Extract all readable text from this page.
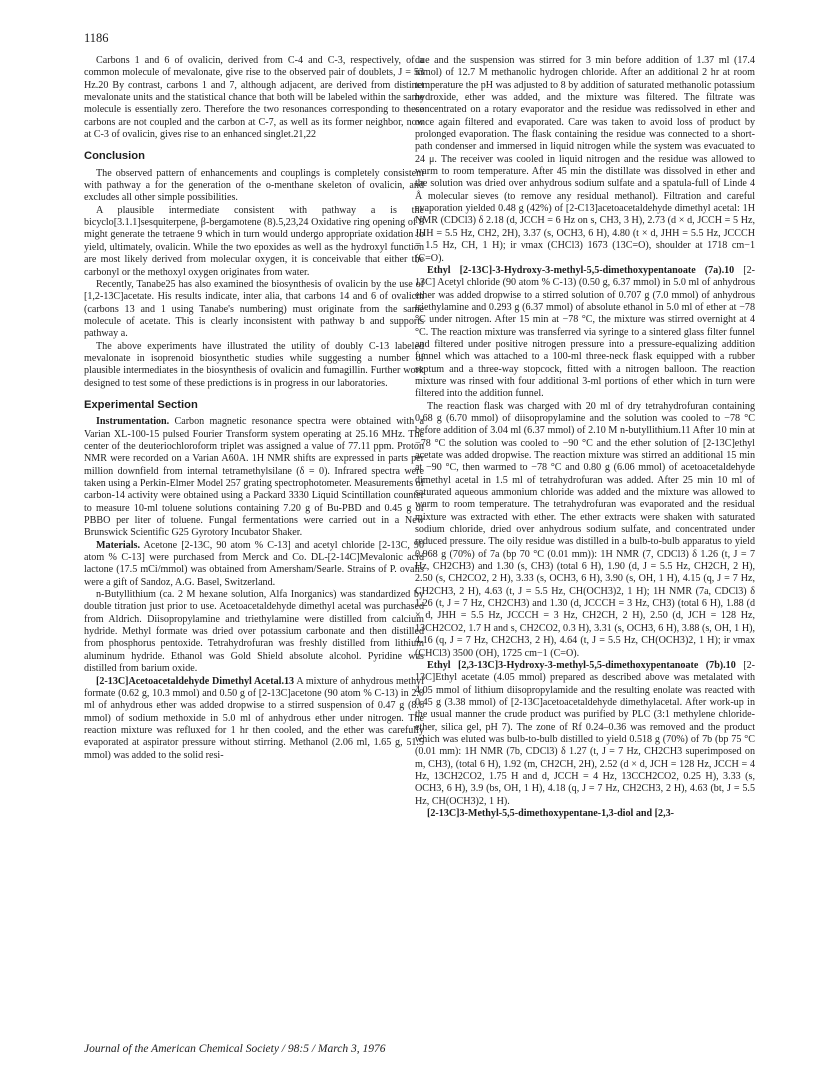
1186

Carbons 1 and 6 of ovalicin, derived from C-4 and C-3, respectively, of a common molecule of mevalonate, give rise to the observed pair of doublets, J = 53 Hz.20 By contrast, carbons 1 and 7, although adjacent, are derived from distinct mevalonate units and the statistical chance that both will be labeled within the same molecule is essentially zero. Therefore the two resonances corresponding to these carbons are not coupled and the carbon at C-7, as well as its former neighbor, now at C-3 of ovalicin, gives rise to an enhanced singlet.21,22

Conclusion

The observed pattern of enhancements and couplings is completely consistent with pathway a for the generation of the o-menthane skeleton of ovalicin, and excludes all other simple possibilities.

A plausible intermediate consistent with pathway a is the bicyclo[3.1.1]sesquiterpene, β-bergamotene (8).5,23,24 Oxidative ring opening of 8 might generate the tetraene 9 which in turn would undergo appropriate oxidation to yield, ultimately, ovalicin. While the two epoxides as well as the hydroxyl function are most likely derived from molecular oxygen, it is conceivable that either the carbonyl or the methoxyl oxygen originates from water.

Recently, Tanabe25 has also examined the biosynthesis of ovalicin by the use of [1,2-13C]acetate. His results indicate, inter alia, that carbons 14 and 6 of ovalicin (carbons 13 and 1 using Tanabe's numbering) must originate from the same molecule of acetate. This is clearly inconsistent with pathway b and supports pathway a.

The above experiments have illustrated the utility of doubly C-13 labeled mevalonate in isoprenoid biosynthetic studies while suggesting a number of plausible intermediates in the biosynthesis of ovalicin and fumagillin. Further work designed to test some of these predictions is in progress in our laboratories.

Experimental Section

Instrumentation. Carbon magnetic resonance spectra were obtained with a Varian XL-100-15 pulsed Fourier Transform system operating at 25.16 MHz. The center of the deuteriochloroform triplet was assigned a value of 77.11 ppm. Proton NMR were recorded on a Varian A60A. 1H NMR shifts are expressed in parts per million downfield from internal tetramethylsilane (δ = 0). Infrared spectra were taken using a Perkin-Elmer Model 257 grating spectrophotometer. Measurements of carbon-14 activity were obtained using a Packard 3330 Liquid Scintillation counter to measure 10-ml toluene solutions containing 7.20 g of Bu-PBD and 0.45 g of PBBO per liter of toluene. Fungal fermentations were carried out in a New Brunswick Scientific G25 Gyrotory Incubator Shaker.

Materials. Acetone [2-13C, 90 atom % C-13] and acetyl chloride [2-13C, 90 atom % C-13] were purchased from Merck and Co. DL-[2-14C]Mevalonic acid lactone (17.5 mCi/mmol) was obtained from Amersham/Searle. Strains of P. ovalis were a gift of Sandoz, A.G. Basel, Switzerland.

n-Butyllithium (ca. 2 M hexane solution, Alfa Inorganics) was standardized by double titration just prior to use. Acetoacetaldehyde dimethyl acetal was purchased from Aldrich. Diisopropylamine and triethylamine were distilled from calcium hydride. Methyl formate was dried over potassium carbonate and then distilled from phosphorus pentoxide. Tetrahydrofuran was freshly distilled from lithium aluminum hydride. Ethanol was Gold Shield absolute alcohol. Pyridine was distilled from barium oxide.

[2-13C]Acetoacetaldehyde Dimethyl Acetal.13 A mixture of anhydrous methyl formate (0.62 g, 10.3 mmol) and 0.50 g of [2-13C]acetone (90 atom % C-13) in 2.0 ml of anhydrous ether was added dropwise to a stirred suspension of 0.47 g (8.6 mmol) of sodium methoxide in 5.0 ml of anhydrous ether under nitrogen. The reaction mixture was refluxed for 1 hr then cooled, and the ether was carefully evaporated at aspirator pressure without stirring. Methanol (2.06 ml, 1.65 g, 51.5 mmol) was added to the solid resi-

due and the suspension was stirred for 3 min before addition of 1.37 ml (17.4 mmol) of 12.7 M methanolic hydrogen chloride. After an additional 2 hr at room temperature the pH was adjusted to 8 by addition of saturated methanolic potassium hydroxide, ether was added, and the mixture was filtered. The filtrate was concentrated on a rotary evaporator and the residue was redissolved in ether and once again filtered and evaporated. Care was taken to avoid loss of product by prolonged evaporation. The flask containing the residue was connected to a short-path condenser and immersed in liquid nitrogen while the system was evacuated to 24 μ. The receiver was cooled in liquid nitrogen and the residue was allowed to warm to room temperature. After 45 min the distillate was dissolved in ether and the solution was dried over anhydrous sodium sulfate and a spatula-full of Linde 4 Å molecular sieves (to remove any residual methanol). Filtration and careful evaporation yielded 0.48 g (42%) of [2-C13]acetoacetaldehyde dimethyl acetal: 1H NMR (CDCl3) δ 2.18 (d, JCCH = 6 Hz on s, CH3, 3 H), 2.73 (d × d, JCCH = 5 Hz, JHH = 5.5 Hz, CH2, 2H), 3.37 (s, OCH3, 6 H), 4.80 (t × d, JHH = 5.5 Hz, JCCCH = 1.5 Hz, CH, 1 H); ir νmax (CHCl3) 1673 (13C=O), shoulder at 1718 cm−1 (C=O).

Ethyl [2-13C]-3-Hydroxy-3-methyl-5,5-dimethoxypentanoate (7a).10 [2-13C] Acetyl chloride (90 atom % C-13) (0.50 g, 6.37 mmol) in 5.0 ml of anhydrous ether was added dropwise to a stirred solution of 0.707 g (7.0 mmol) of anhydrous triethylamine and 0.293 g (6.37 mmol) of absolute ethanol in 5.0 ml of ether at −78 °C under nitrogen. After 15 min at −78 °C, the mixture was stirred overnight at 4 °C. The reaction mixture was transferred via syringe to a sintered glass filter funnel and filtered under positive nitrogen pressure into a pressure-equalizing addition funnel which was attached to a 100-ml three-neck flask equipped with a rubber septum and a three-way stopcock, fitted with a nitrogen balloon. The reaction mixture was rinsed with four additional 3-ml portions of ether which in turn were filtered into the addition funnel.

The reaction flask was charged with 20 ml of dry tetrahydrofuran containing 0.68 g (6.70 mmol) of diisopropylamine and the solution was cooled to −78 °C before addition of 3.04 ml (6.37 mmol) of 2.10 M n-butyllithium.11 After 10 min at −78 °C the solution was cooled to −90 °C and the ether solution of [2-13C]ethyl acetate was added dropwise. The reaction mixture was stirred an additional 15 min at −90 °C, then warmed to −78 °C and 0.80 g (6.06 mmol) of acetoacetaldehyde dimethyl acetal in 1.5 ml of tetrahydrofuran was added. After 25 min 10 ml of saturated aqueous ammonium chloride was added and the mixture was allowed to warm to room temperature. The tetrahydrofuran was evaporated and the residual mixture was extracted with ether. The ether extracts were shaken with saturated sodium chloride, dried over anhydrous sodium sulfate, and concentrated under reduced pressure. The oily residue was distilled in a bulb-to-bulb apparatus to yield 0.968 g (70%) of 7a (bp 70 °C (0.01 mm)): 1H NMR (7, CDCl3) δ 1.26 (t, J = 7 Hz, CH2CH3) and 1.30 (s, CH3) (total 6 H), 1.90 (d, J = 5.5 Hz, CH2CH, 2 H), 2.50 (s, CH2CO2, 2 H), 3.33 (s, OCH3, 6 H), 3.90 (s, OH, 1 H), 4.15 (q, J = 7 Hz, CH2CH3, 2 H), 4.63 (t, J = 5.5 Hz, CH(OCH3)2, 1 H); 1H NMR (7a, CDCl3) δ 1.26 (t, J = 7 Hz, CH2CH3) and 1.30 (d, JCCCH = 3 Hz, CH3) (total 6 H), 1.88 (d × d, JHH = 5.5 Hz, JCCCH = 3 Hz, CH2CH, 2 H), 2.50 (d, JCH = 128 Hz, 13CH2CO2, 1.7 H and s, CH2CO2, 0.3 H), 3.31 (s, OCH3, 6 H), 3.88 (s, OH, 1 H), 4.16 (q, J = 7 Hz, CH2CH3, 2 H), 4.64 (t, J = 5.5 Hz, CH(OCH3)2, 1 H); ir νmax (CHCl3) 3500 (OH), 1725 cm−1 (C=O).

Ethyl [2,3-13C]3-Hydroxy-3-methyl-5,5-dimethoxypentanoate (7b).10 [2-13C]Ethyl acetate (4.05 mmol) prepared as described above was metalated with 4.05 mmol of lithium diisopropylamide and the resulting enolate was reacted with 0.45 g (3.38 mmol) of [2-13C]acetoacetaldehyde dimethylacetal. After work-up in the usual manner the crude product was purified by PLC (3:1 methylene chloride-ether, silica gel, pH 7). The zone of Rf 0.24–0.36 was removed and the product which was eluted was bulb-to-bulb distilled to yield 0.518 g (70%) of 7b (bp 75 °C (0.01 mm): 1H NMR (7b, CDCl3) δ 1.27 (t, J = 7 Hz, CH2CH3 superimposed on m, CH3), (total 6 H), 1.92 (m, CH2CH, 2H), 2.52 (d × d, JCH = 128 Hz, JCCH = 4 Hz, 13CH2CO2, 1.75 H and d, JCCH = 4 Hz, 13CCH2CO2, 0.25 H), 3.33 (s, OCH3, 6 H), 3.9 (bs, OH, 1 H), 4.18 (q, J = 7 Hz, CH2CH3, 2 H), 4.63 (bt, J = 5.5 Hz, CH(OCH3)2, 1 H).

[2-13C]3-Methyl-5,5-dimethoxypentane-1,3-diol and [2,3-

Journal of the American Chemical Society / 98:5 / March 3, 1976
